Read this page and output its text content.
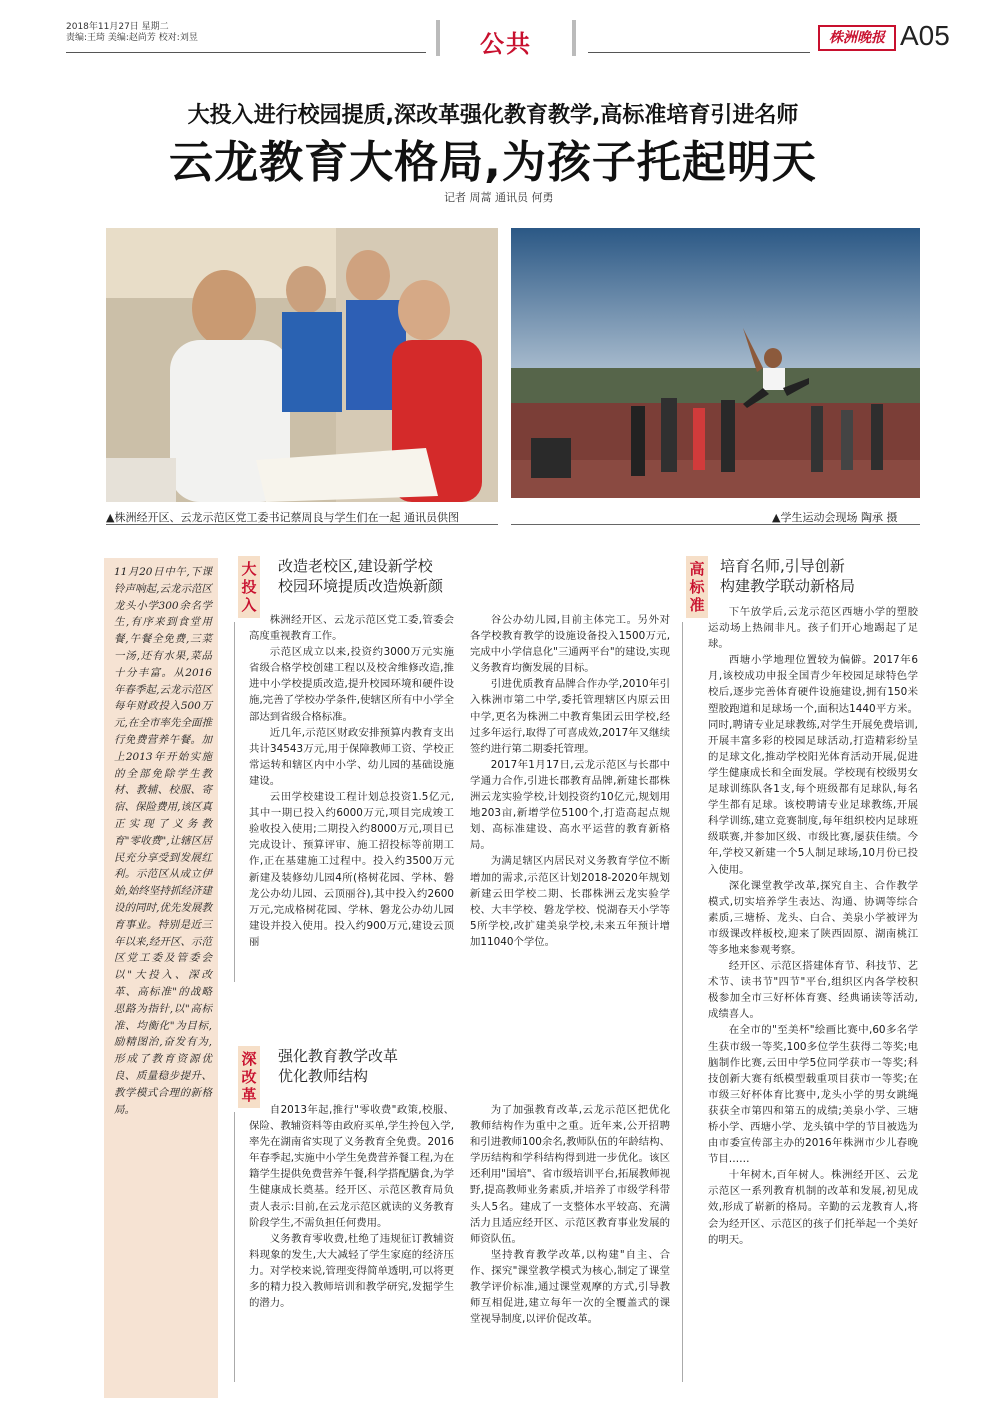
2018年11月27日 星期二
责编:王琦 美编:赵尚芳 校对:刘昱	公共	株洲晚报 A05
大投入进行校园提质,深改革强化教育教学,高标准培育引进名师
云龙教育大格局,为孩子托起明天
记者 周蒿 通讯员 何勇
▲株洲经开区、云龙示范区党工委书记蔡周良与学生们在一起 通讯员供图	▲学生运动会现场 陶承 摄
11月20日中午,下课铃声响起,云龙示范区龙头小学300余名学生,有序来到食堂用餐,午餐全免费,三菜一汤,还有水果,菜品十分丰富。从2016年春季起,云龙示范区每年财政投入500万元,在全市率先全面推行免费营养午餐。加上2013年开始实施的全部免除学生教材、教辅、校服、寄宿、保险费用,该区真正实现了义务教育"零收费",让辖区居民充分享受到发展红利。示范区从成立伊始,始终坚持抓经济建设的同时,优先发展教育事业。特别是近三年以来,经开区、示范区党工委及管委会以"大投入、深改革、高标准"的战略思路为指针,以"高标准、均衡化"为目标,励精图治,奋发有为,形成了教育资源优良、质量稳步提升、教学模式合理的新格局。
大投入
改造老校区,建设新学校
校园环境提质改造焕新颜

株洲经开区、云龙示范区党工委,管委会高度重视教育工作。

示范区成立以来,投资约3000万元实施省级合格学校创建工程以及校舍维修改造,推进中小学校提质改造,提升校园环境和硬件设施,完善了学校办学条件,使辖区所有中小学全部达到省级合格标准。

近几年,示范区财政安排预算内教育支出共计34543万元,用于保障教师工资、学校正常运转和辖区内中小学、幼儿园的基础设施建设。

云田学校建设工程计划总投资1.5亿元,其中一期已投入约6000万元,项目完成竣工验收投入使用;二期投入约8000万元,项目已完成设计、预算评审、施工招投标等前期工作,正在基建施工过程中。投入约3500万元新建及装修幼儿园4所(格树花园、学林、磐龙公办幼儿园、云顶丽谷),其中投入约2600万元,完成格树花园、学林、磐龙公办幼儿园建设并投入使用。投入约900万元,建设云顶丽

谷公办幼儿园,目前主体完工。另外对各学校教育教学的设施设备投入1500万元,完成中小学信息化"三通两平台"的建设,实现义务教育均衡发展的目标。

引进优质教育品牌合作办学,2010年引入株洲市第二中学,委托管理辖区内原云田中学,更名为株洲二中教育集团云田学校,经过多年运行,取得了可喜成效,2017年又继续签约进行第二期委托管理。

2017年1月17日,云龙示范区与长郡中学通力合作,引进长郡教育品牌,新建长郡株洲云龙实验学校,计划投资约10亿元,规划用地203亩,新增学位5100个,打造高起点规划、高标准建设、高水平运营的教育新格局。

为满足辖区内居民对义务教育学位不断增加的需求,示范区计划2018-2020年规划新建云田学校二期、长郡株洲云龙实验学校、大丰学校、磐龙学校、悦湖春天小学等5所学校,改扩建美泉学校,未来五年预计增加11040个学位。

深改革
强化教育教学改革
优化教师结构

自2013年起,推行"零收费"政策,校服、保险、教辅资料等由政府买单,学生拎包入学,率先在湖南省实现了义务教育全免费。2016年春季起,实施中小学生免费营养餐工程,为在籍学生提供免费营养午餐,科学搭配膳食,为学生健康成长奠基。经开区、示范区教育局负责人表示:目前,在云龙示范区就读的义务教育阶段学生,不需负担任何费用。

义务教育零收费,杜绝了违规征订教辅资料现象的发生,大大减轻了学生家庭的经济压力。对学校来说,管理变得简单透明,可以将更多的精力投入教师培训和教学研究,发掘学生的潜力。

为了加强教育改革,云龙示范区把优化教师结构作为重中之重。近年来,公开招聘和引进教师100余名,教师队伍的年龄结构、学历结构和学科结构得到进一步优化。该区还利用"国培"、省市级培训平台,拓展教师视野,提高教师业务素质,并培养了市级学科带头人5名。建成了一支整体水平较高、充满活力且适应经开区、示范区教育事业发展的师资队伍。

坚持教育教学改革,以构建"自主、合作、探究"课堂教学模式为核心,制定了课堂教学评价标准,通过课堂观摩的方式,引导教师互相促进,建立每年一次的全覆盖式的课堂视导制度,以评价促改革。

高标准
培育名师,引导创新
构建教学联动新格局

下午放学后,云龙示范区西塘小学的塑胶运动场上热闹非凡。孩子们开心地踢起了足球。

西塘小学地理位置较为偏僻。2017年6月,该校成功申报全国青少年校园足球特色学校后,逐步完善体育硬件设施建设,拥有150米塑胶跑道和足球场一个,面积达1440平方米。同时,聘请专业足球教练,对学生开展免费培训,开展丰富多彩的校园足球活动,打造精彩纷呈的足球文化,推动学校阳光体育活动开展,促进学生健康成长和全面发展。学校现有校级男女足球训练队各1支,每个班级都有足球队,每名学生都有足球。该校聘请专业足球教练,开展科学训练,建立竞赛制度,每年组织校内足球班级联赛,并参加区级、市级比赛,屡获佳绩。今年,学校又新建一个5人制足球场,10月份已投入使用。

深化课堂教学改革,探究自主、合作教学模式,切实培养学生表达、沟通、协调等综合素质,三塘桥、龙头、白合、美泉小学被评为市级课改样板校,迎来了陕西固原、湖南桃江等多地来参观考察。

经开区、示范区搭建体育节、科技节、艺术节、读书节"四节"平台,组织区内各学校积极参加全市三好杯体育赛、经典诵读等活动,成绩喜人。

在全市的"至美杯"绘画比赛中,60多名学生获市级一等奖,100多位学生获得二等奖;电脑制作比赛,云田中学5位同学获市一等奖;科技创新大赛有纸模型载重项目获市一等奖;在市级三好杯体育比赛中,龙头小学的男女跳绳获获全市第四和第五的成绩;美泉小学、三塘桥小学、西塘小学、龙头镇中学的节目被选为由市委宣传部主办的2016年株洲市少儿春晚节目……

十年树木,百年树人。株洲经开区、云龙示范区一系列教育机制的改革和发展,初见成效,形成了崭新的格局。辛勤的云龙教育人,将会为经开区、示范区的孩子们托举起一个美好的明天。
